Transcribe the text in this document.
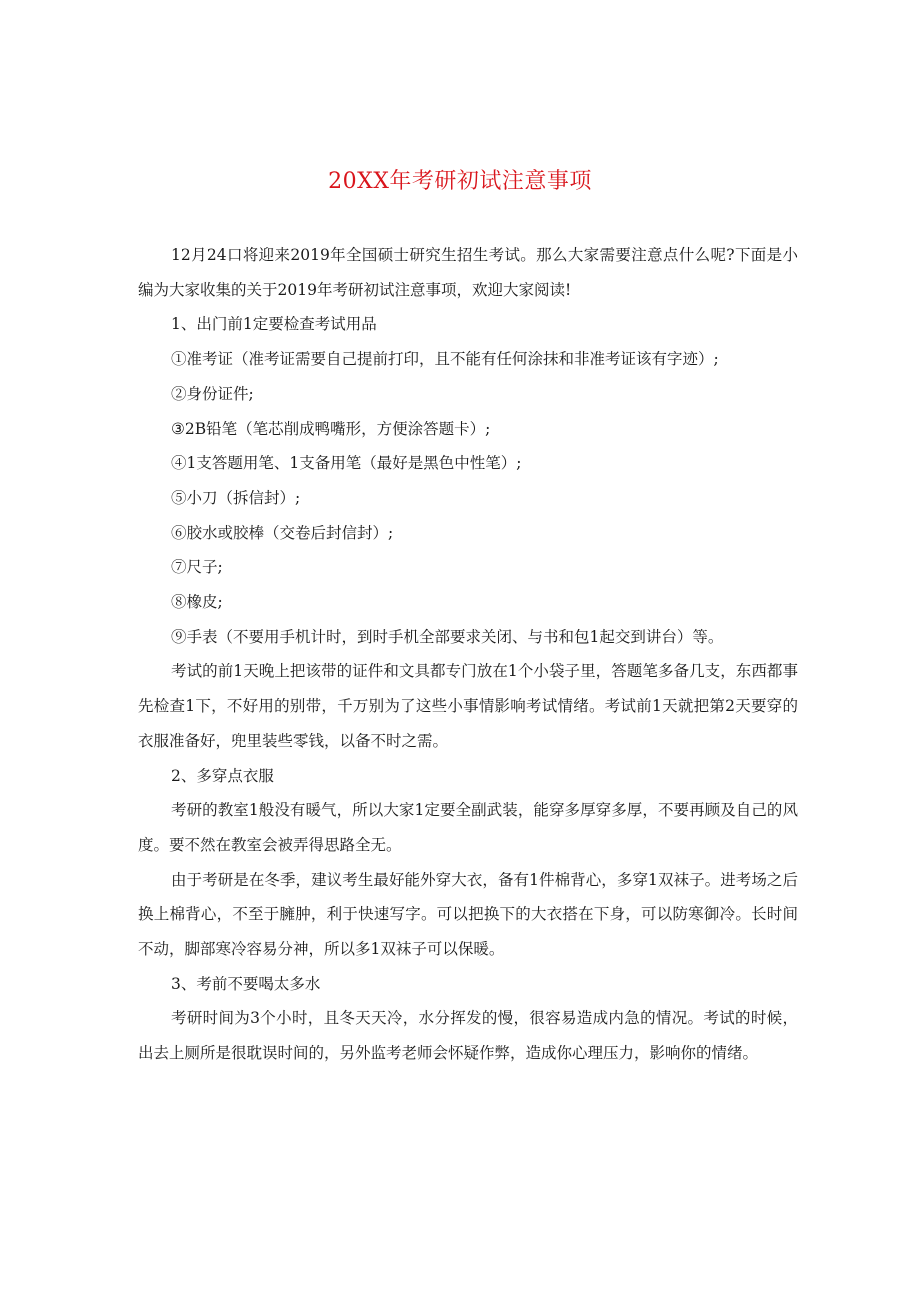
20XX年考研初试注意事项

12月24口将迎来2019年全国硕士研究生招生考试。那么大家需要注意点什么呢?下面是小编为大家收集的关于2019年考研初试注意事项，欢迎大家阅读!

1、出门前1定要检查考试用品

①准考证（准考证需要自己提前打印，且不能有任何涂抹和非准考证该有字迹）;

②身份证件;

③2B铅笔（笔芯削成鸭嘴形，方便涂答题卡）;

④1支答题用笔、1支备用笔（最好是黑色中性笔）;

⑤小刀（拆信封）;

⑥胶水或胶棒（交卷后封信封）;

⑦尺子;

⑧橡皮;

⑨手表（不要用手机计时，到时手机全部要求关闭、与书和包1起交到讲台）等。

考试的前1天晚上把该带的证件和文具都专门放在1个小袋子里，答题笔多备几支，东西都事先检查1下，不好用的别带，千万别为了这些小事情影响考试情绪。考试前1天就把第2天要穿的衣服准备好，兜里装些零钱，以备不时之需。

2、多穿点衣服

考研的教室1般没有暖气，所以大家1定要全副武装，能穿多厚穿多厚，不要再顾及自己的风度。要不然在教室会被弄得思路全无。

由于考研是在冬季，建议考生最好能外穿大衣，备有1件棉背心，多穿1双袜子。进考场之后换上棉背心，不至于臃肿，利于快速写字。可以把换下的大衣搭在下身，可以防寒御冷。长时间不动，脚部寒冷容易分神，所以多1双袜子可以保暖。

3、考前不要喝太多水

考研时间为3个小时，且冬天天冷，水分挥发的慢，很容易造成内急的情况。考试的时候，出去上厕所是很耽误时间的，另外监考老师会怀疑作弊，造成你心理压力，影响你的情绪。
